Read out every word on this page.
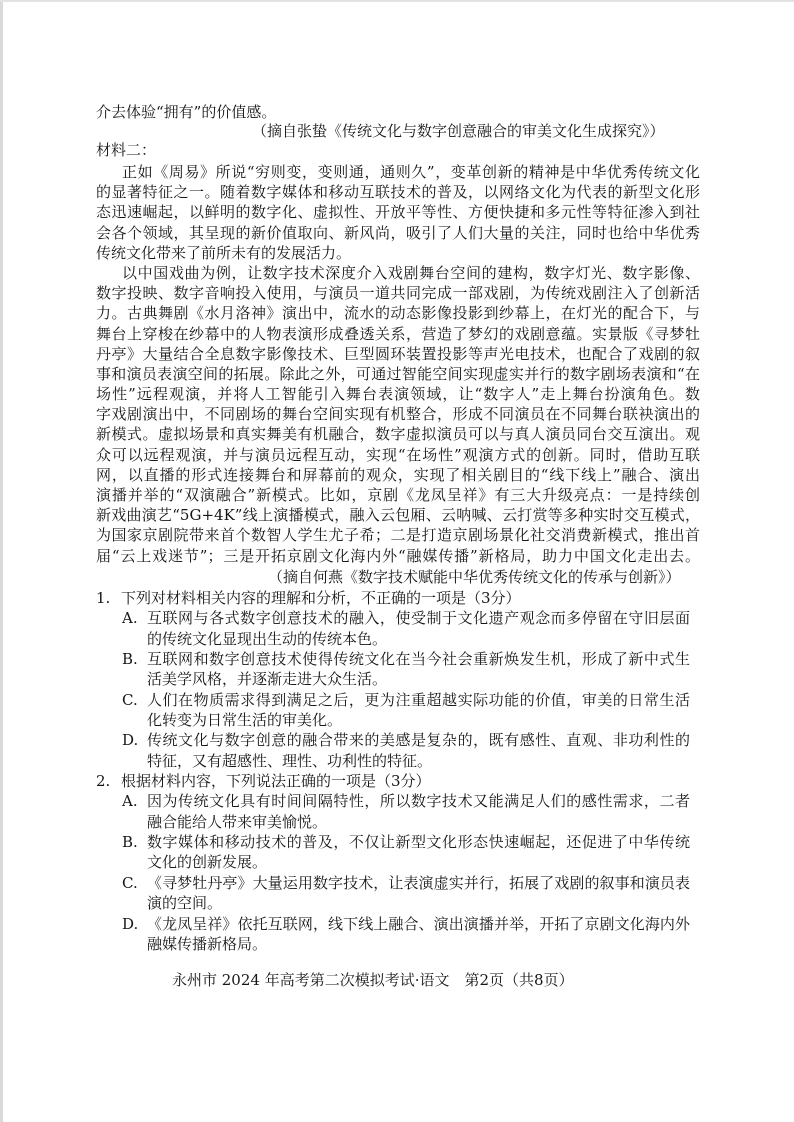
介去体验“拥有”的价值感。
（摘自张蛰《传统文化与数字创意融合的审美文化生成探究》）
材料二：
正如《周易》所说“穷则变，变则通，通则久”，变革创新的精神是中华优秀传统文化
的显著特征之一。随着数字媒体和移动互联技术的普及，以网络文化为代表的新型文化形
态迅速崛起，以鲜明的数字化、虚拟性、开放平等性、方便快捷和多元性等特征渗入到社
会各个领域，其呈现的新价值取向、新风尚，吸引了人们大量的关注，同时也给中华优秀
传统文化带来了前所未有的发展活力。
以中国戏曲为例，让数字技术深度介入戏剧舞台空间的建构，数字灯光、数字影像、
数字投映、数字音响投入使用，与演员一道共同完成一部戏剧，为传统戏剧注入了创新活
力。古典舞剧《水月洛神》演出中，流水的动态影像投影到纱幕上，在灯光的配合下，与
舞台上穿梭在纱幕中的人物表演形成叠透关系，营造了梦幻的戏剧意蕴。实景版《寻梦牡
丹亭》大量结合全息数字影像技术、巨型圆环装置投影等声光电技术，也配合了戏剧的叙
事和演员表演空间的拓展。除此之外，可通过智能空间实现虚实并行的数字剧场表演和“在
场性”远程观演，并将人工智能引入舞台表演领域，让“数字人”走上舞台扮演角色。数
字戏剧演出中，不同剧场的舞台空间实现有机整合，形成不同演员在不同舞台联袂演出的
新模式。虚拟场景和真实舞美有机融合，数字虚拟演员可以与真人演员同台交互演出。观
众可以远程观演，并与演员远程互动，实现“在场性”观演方式的创新。同时，借助互联
网，以直播的形式连接舞台和屏幕前的观众，实现了相关剧目的“线下线上”融合、演出
演播并举的“双演融合”新模式。比如，京剧《龙凤呈祥》有三大升级亮点：一是持续创
新戏曲演艺“5G+4K”线上演播模式，融入云包厢、云呐喊、云打赏等多种实时交互模式，
为国家京剧院带来首个数智人学生尤子希；二是打造京剧场景化社交消费新模式，推出首
届“云上戏迷节”；三是开拓京剧文化海内外“融媒传播”新格局，助力中国文化走出去。
（摘自何燕《数字技术赋能中华优秀传统文化的传承与创新》）
1. 下列对材料相关内容的理解和分析，不正确的一项是（3分）
A. 互联网与各式数字创意技术的融入，使受制于文化遗产观念而多停留在守旧层面
的传统文化显现出生动的传统本色。
B. 互联网和数字创意技术使得传统文化在当今社会重新焕发生机，形成了新中式生
活美学风格，并逐渐走进大众生活。
C. 人们在物质需求得到满足之后，更为注重超越实际功能的价值，审美的日常生活
化转变为日常生活的审美化。
D. 传统文化与数字创意的融合带来的美感是复杂的，既有感性、直观、非功利性的
特征，又有超感性、理性、功利性的特征。
2. 根据材料内容，下列说法正确的一项是（3分）
A. 因为传统文化具有时间间隔特性，所以数字技术又能满足人们的感性需求，二者
融合能给人带来审美愉悦。
B. 数字媒体和移动技术的普及，不仅让新型文化形态快速崛起，还促进了中华传统
文化的创新发展。
C. 《寻梦牡丹亭》大量运用数字技术，让表演虚实并行，拓展了戏剧的叙事和演员表
演的空间。
D. 《龙凤呈祥》依托互联网，线下线上融合、演出演播并举，开拓了京剧文化海内外
融媒传播新格局。
永州市 2024 年高考第二次模拟考试·语文　第2页（共8页）
